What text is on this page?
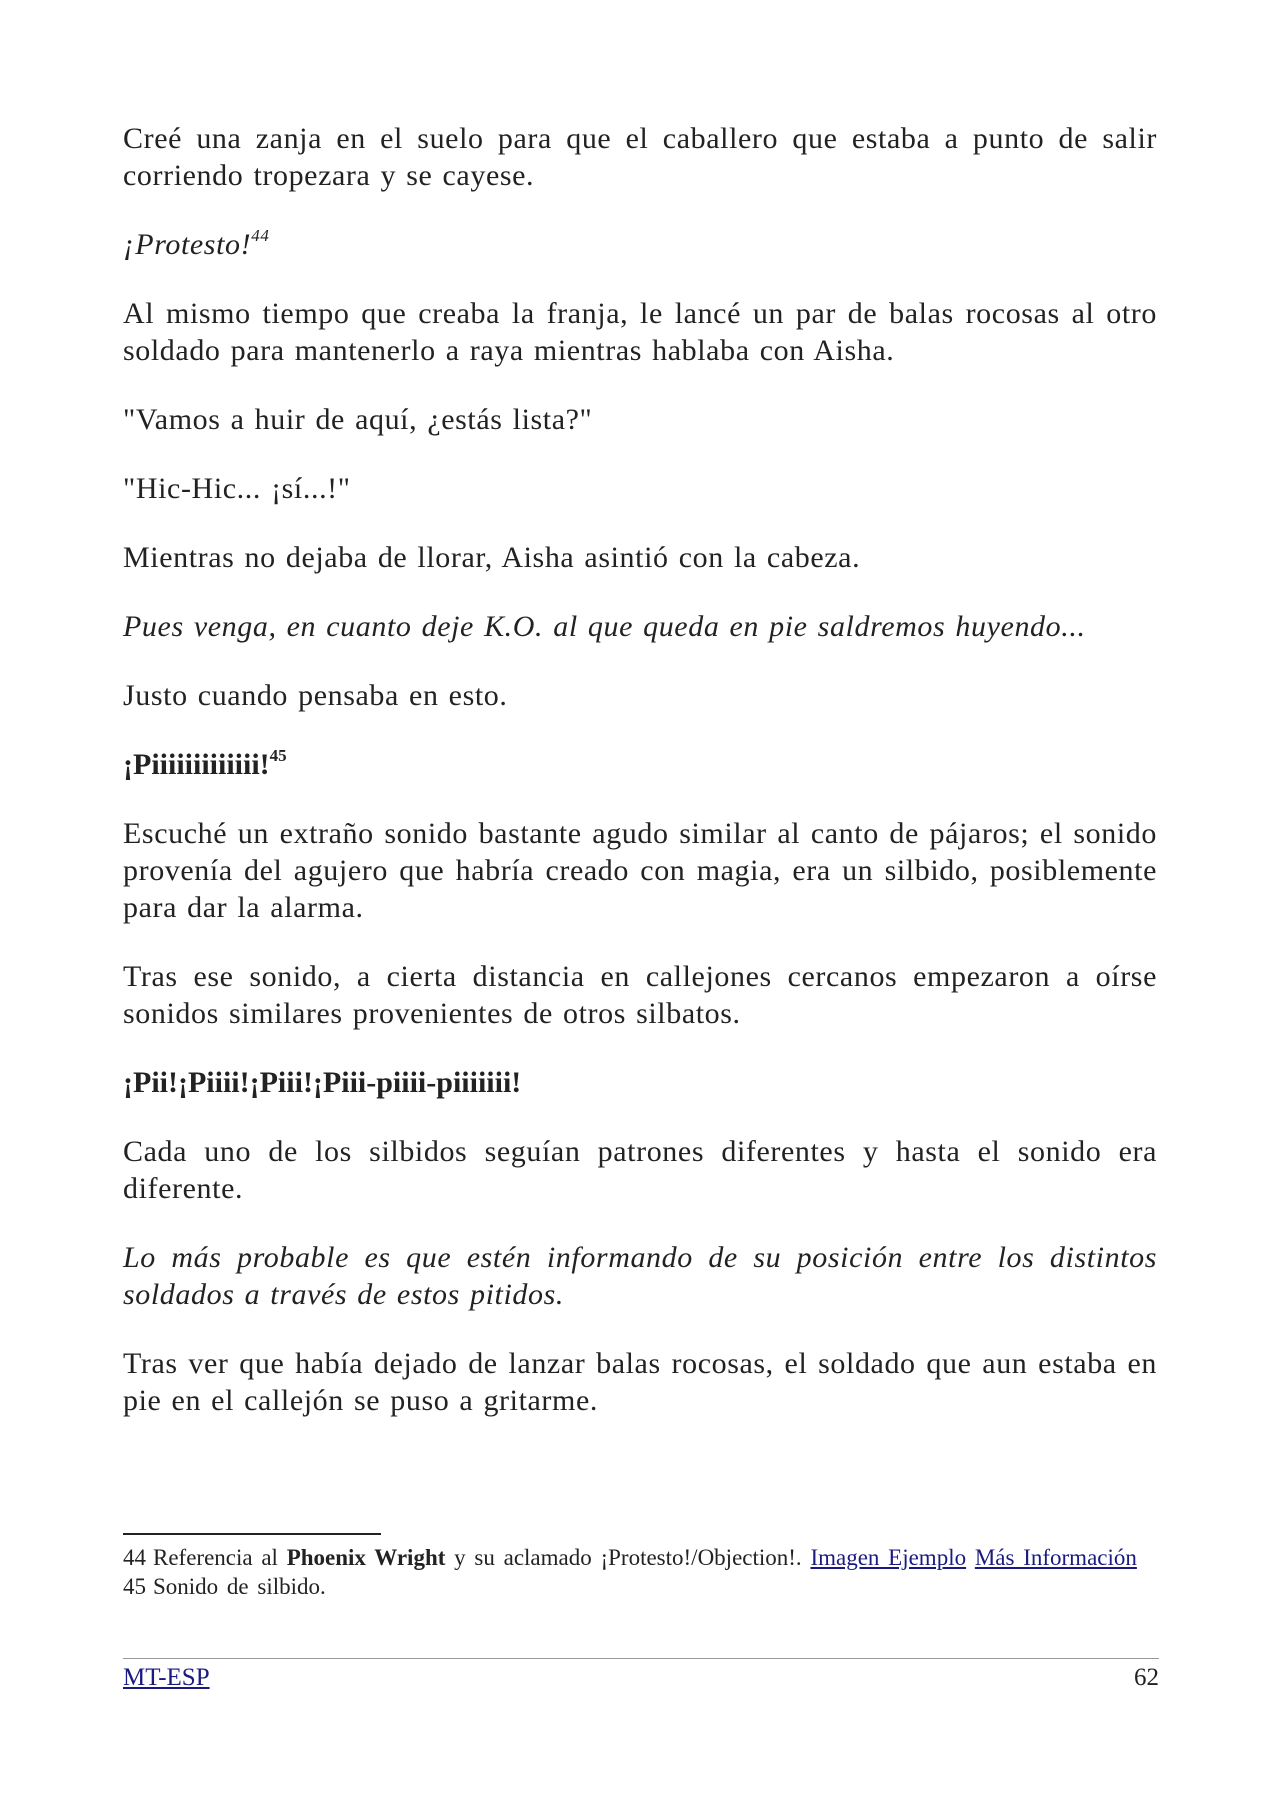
Creé una zanja en el suelo para que el caballero que estaba a punto de salir corriendo tropezara y se cayese.

¡Protesto!$^{44}$

Al mismo tiempo que creaba la franja, le lancé un par de balas rocosas al otro soldado para mantenerlo a raya mientras hablaba con Aisha.

"Vamos a huir de aquí, ¿estás lista?"

"Hic-Hic... ¡sí...!"

Mientras no dejaba de llorar, Aisha asintió con la cabeza.

Pues venga, en cuanto deje K.O. al que queda en pie saldremos huyendo...

Justo cuando pensaba en esto.

¡Piiiiiiiiiiiii!$^{45}$

Escuché un extraño sonido bastante agudo similar al canto de pájaros; el sonido provenía del agujero que habría creado con magia, era un silbido, posiblemente para dar la alarma.

Tras ese sonido, a cierta distancia en callejones cercanos empezaron a oírse sonidos similares provenientes de otros silbatos.

¡Pii!¡Piiii!¡Piii!¡Piii-piiii-piiiiiii!

Cada uno de los silbidos seguían patrones diferentes y hasta el sonido era diferente.

Lo más probable es que estén informando de su posición entre los distintos soldados a través de estos pitidos.

Tras ver que había dejado de lanzar balas rocosas, el soldado que aun estaba en pie en el callejón se puso a gritarme.

44 Referencia al Phoenix Wright y su aclamado ¡Protesto!/Objection!. Imagen Ejemplo Más Información
45 Sonido de silbido.
MT-ESP	62
